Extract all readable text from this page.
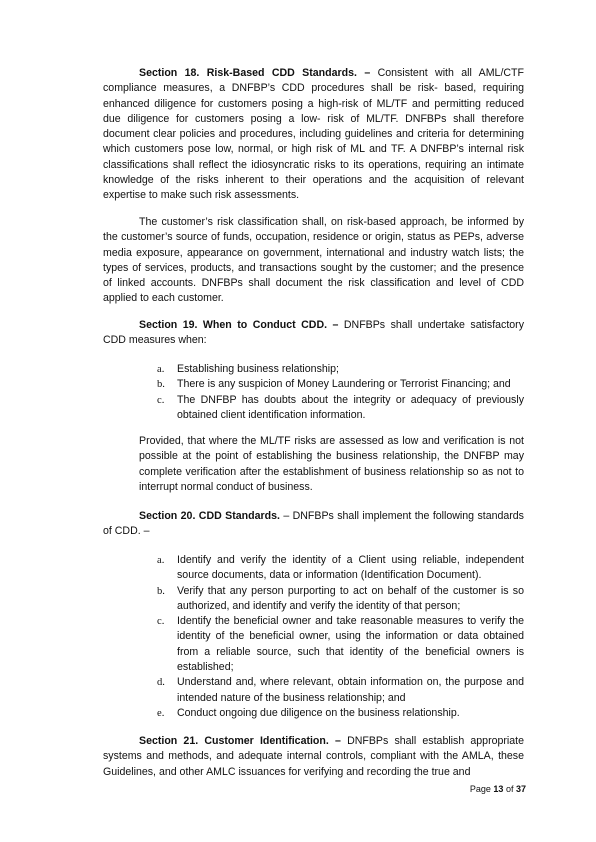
Section 18. Risk-Based CDD Standards. – Consistent with all AML/CTF compliance measures, a DNFBP’s CDD procedures shall be risk- based, requiring enhanced diligence for customers posing a high-risk of ML/TF and permitting reduced due diligence for customers posing a low- risk of ML/TF. DNFBPs shall therefore document clear policies and procedures, including guidelines and criteria for determining which customers pose low, normal, or high risk of ML and TF. A DNFBP’s internal risk classifications shall reflect the idiosyncratic risks to its operations, requiring an intimate knowledge of the risks inherent to their operations and the acquisition of relevant expertise to make such risk assessments.

The customer’s risk classification shall, on risk-based approach, be informed by the customer’s source of funds, occupation, residence or origin, status as PEPs, adverse media exposure, appearance on government, international and industry watch lists; the types of services, products, and transactions sought by the customer; and the presence of linked accounts. DNFBPs shall document the risk classification and level of CDD applied to each customer.

Section 19. When to Conduct CDD. – DNFBPs shall undertake satisfactory CDD measures when:

a. Establishing business relationship;
b. There is any suspicion of Money Laundering or Terrorist Financing; and
c. The DNFBP has doubts about the integrity or adequacy of previously obtained client identification information.

Provided, that where the ML/TF risks are assessed as low and verification is not possible at the point of establishing the business relationship, the DNFBP may complete verification after the establishment of business relationship so as not to interrupt normal conduct of business.

Section 20. CDD Standards. – DNFBPs shall implement the following standards of CDD. –

a. Identify and verify the identity of a Client using reliable, independent source documents, data or information (Identification Document).
b. Verify that any person purporting to act on behalf of the customer is so authorized, and identify and verify the identity of that person;
c. Identify the beneficial owner and take reasonable measures to verify the identity of the beneficial owner, using the information or data obtained from a reliable source, such that identity of the beneficial owners is established;
d. Understand and, where relevant, obtain information on, the purpose and intended nature of the business relationship; and
e. Conduct ongoing due diligence on the business relationship.

Section 21. Customer Identification. – DNFBPs shall establish appropriate systems and methods, and adequate internal controls, compliant with the AMLA, these Guidelines, and other AMLC issuances for verifying and recording the true and

Page 13 of 37
